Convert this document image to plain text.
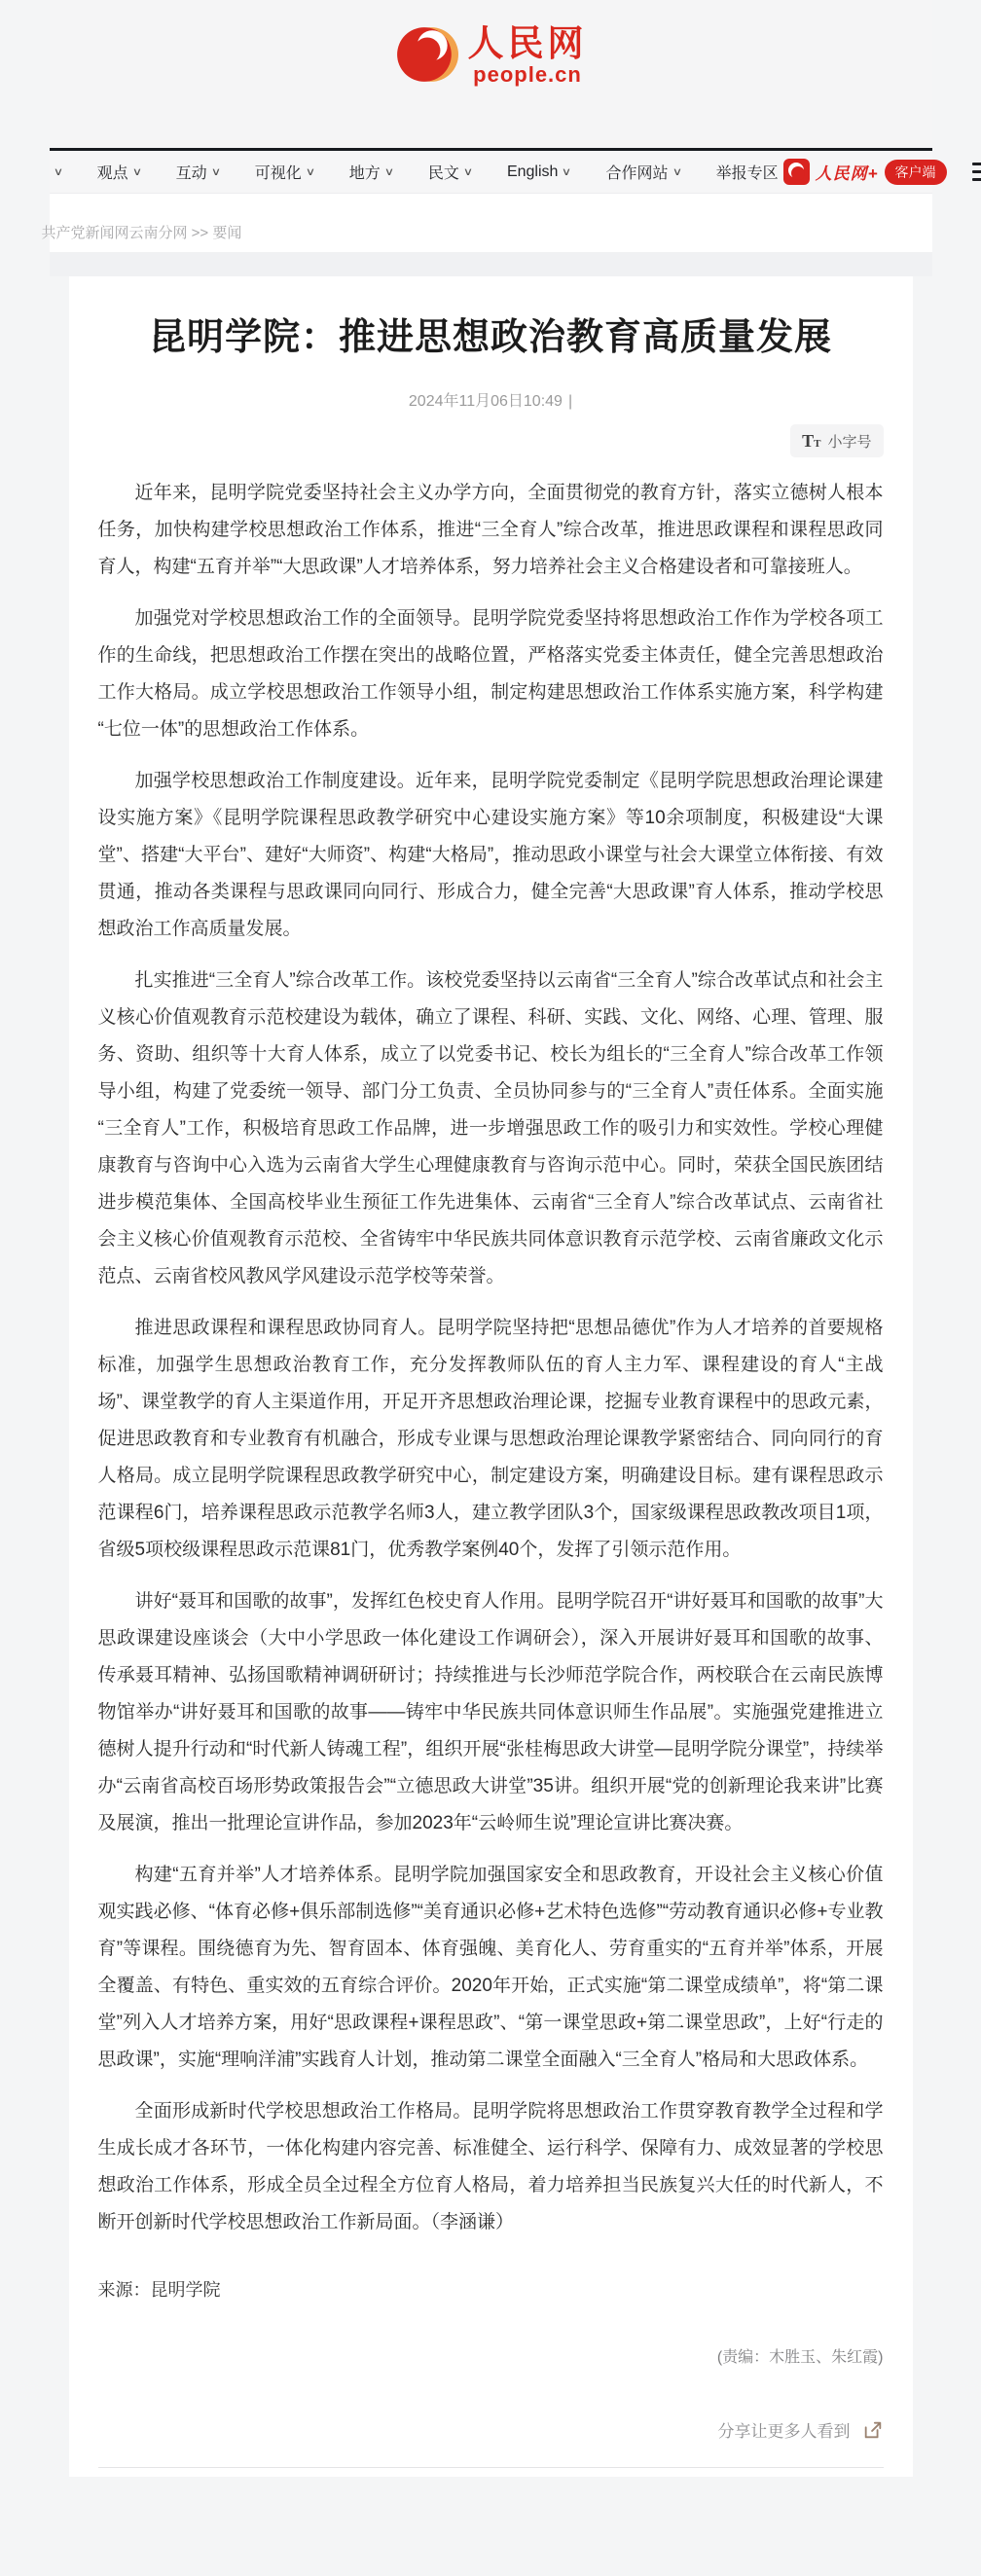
人民网
people.cn
∨ 观点 ∨ 互动 ∨ 可视化 ∨ 地方 ∨ 民文 ∨ English ∨ 合作网站 ∨ 举报专区 人民网+	客户端
共产党新闻网云南分网 >> 要闻
昆明学院：推进思想政治教育高质量发展
2024年11月06日10:49 |
TT 小字号

近年来，昆明学院党委坚持社会主义办学方向，全面贯彻党的教育方针，落实立德树人根本任务，加快构建学校思想政治工作体系，推进“三全育人”综合改革，推进思政课程和课程思政同育人，构建“五育并举”“大思政课”人才培养体系，努力培养社会主义合格建设者和可靠接班人。

加强党对学校思想政治工作的全面领导。昆明学院党委坚持将思想政治工作作为学校各项工作的生命线，把思想政治工作摆在突出的战略位置，严格落实党委主体责任，健全完善思想政治工作大格局。成立学校思想政治工作领导小组，制定构建思想政治工作体系实施方案，科学构建“七位一体”的思想政治工作体系。

加强学校思想政治工作制度建设。近年来，昆明学院党委制定《昆明学院思想政治理论课建设实施方案》《昆明学院课程思政教学研究中心建设实施方案》等10余项制度，积极建设“大课堂”、搭建“大平台”、建好“大师资”、构建“大格局”，推动思政小课堂与社会大课堂立体衔接、有效贯通，推动各类课程与思政课同向同行、形成合力，健全完善“大思政课”育人体系，推动学校思想政治工作高质量发展。

扎实推进“三全育人”综合改革工作。该校党委坚持以云南省“三全育人”综合改革试点和社会主义核心价值观教育示范校建设为载体，确立了课程、科研、实践、文化、网络、心理、管理、服务、资助、组织等十大育人体系，成立了以党委书记、校长为组长的“三全育人”综合改革工作领导小组，构建了党委统一领导、部门分工负责、全员协同参与的“三全育人”责任体系。全面实施“三全育人”工作，积极培育思政工作品牌，进一步增强思政工作的吸引力和实效性。学校心理健康教育与咨询中心入选为云南省大学生心理健康教育与咨询示范中心。同时，荣获全国民族团结进步模范集体、全国高校毕业生预征工作先进集体、云南省“三全育人”综合改革试点、云南省社会主义核心价值观教育示范校、全省铸牢中华民族共同体意识教育示范学校、云南省廉政文化示范点、云南省校风教风学风建设示范学校等荣誉。

推进思政课程和课程思政协同育人。昆明学院坚持把“思想品德优”作为人才培养的首要规格标准，加强学生思想政治教育工作，充分发挥教师队伍的育人主力军、课程建设的育人“主战场”、课堂教学的育人主渠道作用，开足开齐思想政治理论课，挖掘专业教育课程中的思政元素，促进思政教育和专业教育有机融合，形成专业课与思想政治理论课教学紧密结合、同向同行的育人格局。成立昆明学院课程思政教学研究中心，制定建设方案，明确建设目标。建有课程思政示范课程6门，培养课程思政示范教学名师3人，建立教学团队3个，国家级课程思政教改项目1项，省级5项校级课程思政示范课81门，优秀教学案例40个，发挥了引领示范作用。

讲好“聂耳和国歌的故事”，发挥红色校史育人作用。昆明学院召开“讲好聂耳和国歌的故事”大思政课建设座谈会（大中小学思政一体化建设工作调研会），深入开展讲好聂耳和国歌的故事、传承聂耳精神、弘扬国歌精神调研研讨；持续推进与长沙师范学院合作，两校联合在云南民族博物馆举办“讲好聂耳和国歌的故事——铸牢中华民族共同体意识师生作品展”。实施强党建推进立德树人提升行动和“时代新人铸魂工程”，组织开展“张桂梅思政大讲堂—昆明学院分课堂”，持续举办“云南省高校百场形势政策报告会”“立德思政大讲堂”35讲。组织开展“党的创新理论我来讲”比赛及展演，推出一批理论宣讲作品，参加2023年“云岭师生说”理论宣讲比赛决赛。

构建“五育并举”人才培养体系。昆明学院加强国家安全和思政教育，开设社会主义核心价值观实践必修、“体育必修+俱乐部制选修”“美育通识必修+艺术特色选修”“劳动教育通识必修+专业教育”等课程。围绕德育为先、智育固本、体育强魄、美育化人、劳育重实的“五育并举”体系，开展全覆盖、有特色、重实效的五育综合评价。2020年开始，正式实施“第二课堂成绩单”，将“第二课堂”列入人才培养方案，用好“思政课程+课程思政”、“第一课堂思政+第二课堂思政”，上好“行走的思政课”，实施“理响洋浦”实践育人计划，推动第二课堂全面融入“三全育人”格局和大思政体系。

全面形成新时代学校思想政治工作格局。昆明学院将思想政治工作贯穿教育教学全过程和学生成长成才各环节，一体化构建内容完善、标准健全、运行科学、保障有力、成效显著的学校思想政治工作体系，形成全员全过程全方位育人格局，着力培养担当民族复兴大任的时代新人，不断开创新时代学校思想政治工作新局面。（李涵谦）

来源：昆明学院

(责编：木胜玉、朱红霞)
分享让更多人看到
